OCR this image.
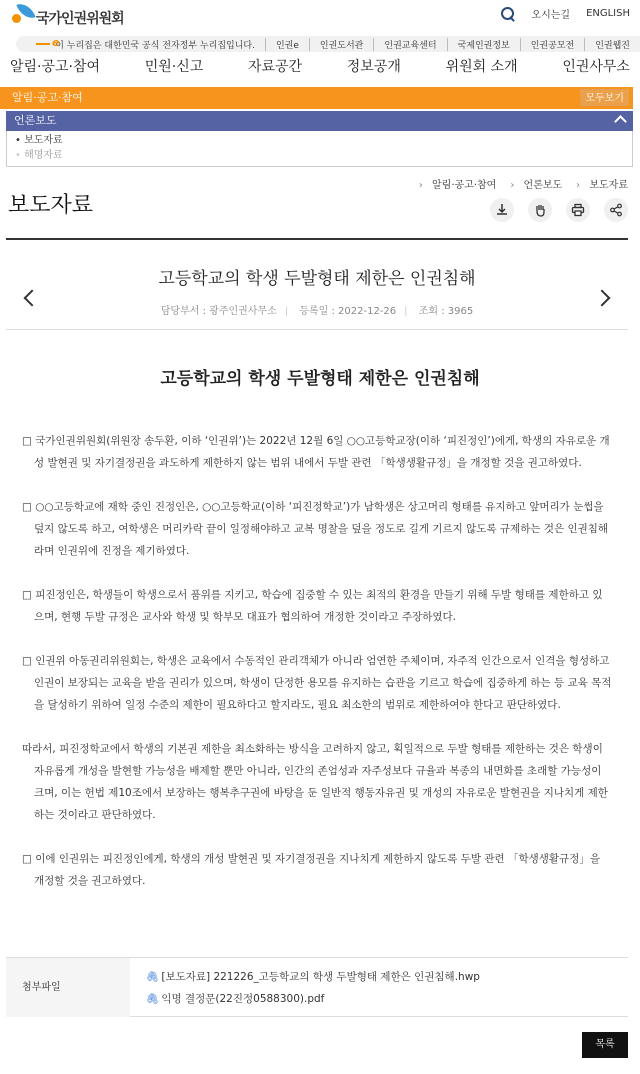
국가인권위원회	오시는길 ENGLISH
e
이 누리집은 대한민국 공식 전자정부 누리집입니다.	인권e	인권도서관	인권교육센터	국제인권정보	인권공모전	인권웹진
알림·공고·참여	민원·신고	자료공간	정보공개	위원회 소개	인권사무소
알림·공고·참여	모두보기
언론보도
• 보도자료
• 해명자료
› 알림·공고·참여	› 언론보도	› 보도자료
보도자료
고등학교의 학생 두발형태 제한은 인권침해
담당부서 : 광주인권사무소 | 등록일 : 2022-12-26 | 조회 : 3965
고등학교의 학생 두발형태 제한은 인권침해

□ 국가인권위원회(위원장 송두환, 이하 ‘인권위’)는 2022년 12월 6일 ○○고등학교장(이하 ‘피진정인’)에게, 학생의 자유로운 개성 발현권 및 자기결정권을 과도하게 제한하지 않는 범위 내에서 두발 관련 「학생생활규정」을 개정할 것을 권고하였다.

□ ○○고등학교에 재학 중인 진정인은, ○○고등학교(이하 ‘피진정학교’)가 남학생은 상고머리 형태를 유지하고 앞머리가 눈썹을 덮지 않도록 하고, 여학생은 머리카락 끝이 일정해야하고 교복 명찰을 덮을 정도로 길게 기르지 않도록 규제하는 것은 인권침해라며 인권위에 진정을 제기하였다.

□ 피진정인은, 학생들이 학생으로서 품위를 지키고, 학습에 집중할 수 있는 최적의 환경을 만들기 위해 두발 형태를 제한하고 있으며, 현행 두발 규정은 교사와 학생 및 학부모 대표가 협의하여 개정한 것이라고 주장하였다.

□ 인권위 아동권리위원회는, 학생은 교육에서 수동적인 관리객체가 아니라 엄연한 주체이며, 자주적 인간으로서 인격을 형성하고 인권이 보장되는 교육을 받을 권리가 있으며, 학생이 단정한 용모를 유지하는 습관을 기르고 학습에 집중하게 하는 등 교육 목적을 달성하기 위하여 일정 수준의 제한이 필요하다고 할지라도, 필요 최소한의 범위로 제한하여야 한다고 판단하였다.

따라서, 피진정학교에서 학생의 기본권 제한을 최소화하는 방식을 고려하지 않고, 획일적으로 두발 형태를 제한하는 것은 학생이 자유롭게 개성을 발현할 가능성을 배제할 뿐만 아니라, 인간의 존엄성과 자주성보다 규율과 복종의 내면화를 초래할 가능성이 크며, 이는 헌법 제10조에서 보장하는 행복추구권에 바탕을 둔 일반적 행동자유권 및 개성의 자유로운 발현권을 지나치게 제한하는 것이라고 판단하였다.

□ 이에 인권위는 피진정인에게, 학생의 개성 발현권 및 자기결정권을 지나치게 제한하지 않도록 두발 관련 「학생생활규정」을 개정할 것을 권고하였다.

첨부파일
🖇 [보도자료] 221226_고등학교의 학생 두발형태 제한은 인권침해.hwp
🖇 익명 결정문(22진정0588300).pdf
목록
